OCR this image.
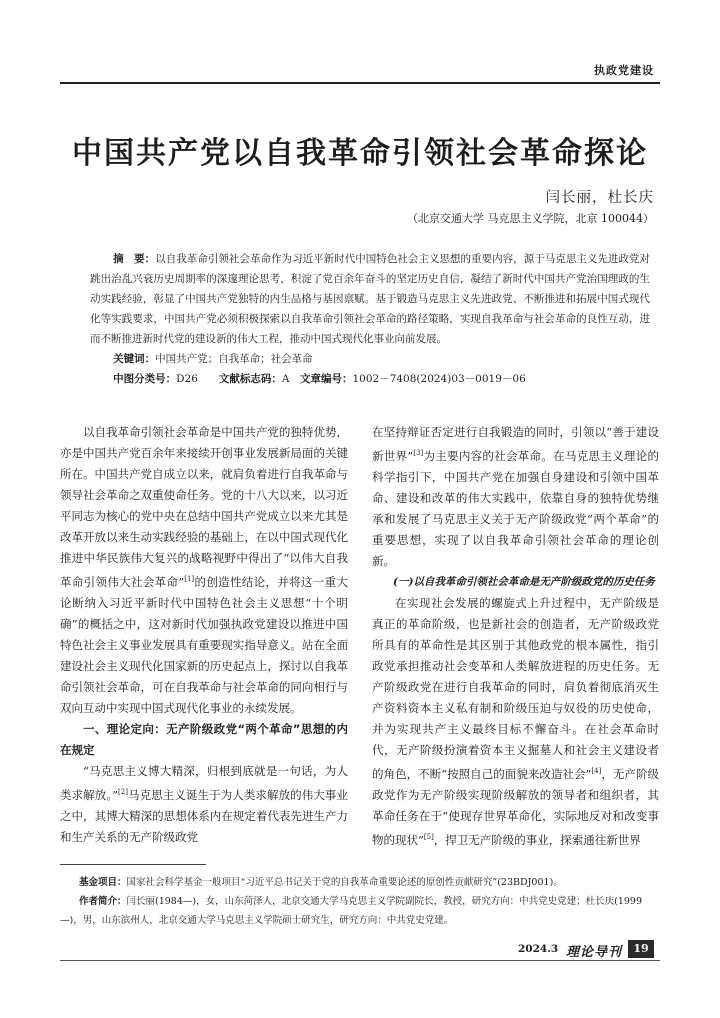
执政党建设
中国共产党以自我革命引领社会革命探论
闫长丽，杜长庆
（北京交通大学 马克思主义学院，北京 100044）

摘　要：以自我革命引领社会革命作为习近平新时代中国特色社会主义思想的重要内容，源于马克思主义先进政党对跳出治乱兴衰历史周期率的深邃理论思考，积淀了党百余年奋斗的坚定历史自信，凝结了新时代中国共产党治国理政的生动实践经验，彰显了中国共产党独特的内生品格与基因禀赋。基于锻造马克思主义先进政党、不断推进和拓展中国式现代化等实践要求，中国共产党必须积极探索以自我革命引领社会革命的路径策略，实现自我革命与社会革命的良性互动，进而不断推进新时代党的建设新的伟大工程，推动中国式现代化事业向前发展。

关键词：中国共产党；自我革命；社会革命
中图分类号：D26　　 文献标志码：A　 文章编号：1002－7408(2024)03－0019－06

以自我革命引领社会革命是中国共产党的独特优势，亦是中国共产党百余年来接续开创事业发展新局面的关键所在。中国共产党自成立以来，就肩负着进行自我革命与领导社会革命之双重使命任务。党的十八大以来，以习近平同志为核心的党中央在总结中国共产党成立以来尤其是改革开放以来生动实践经验的基础上，在以中国式现代化推进中华民族伟大复兴的战略视野中得出了“以伟大自我革命引领伟大社会革命”[1]的创造性结论，并将这一重大论断纳入习近平新时代中国特色社会主义思想“十个明确”的概括之中，这对新时代加强执政党建设以推进中国特色社会主义事业发展具有重要现实指导意义。站在全面建设社会主义现代化国家新的历史起点上，探讨以自我革命引领社会革命，可在自我革命与社会革命的同向相行与双向互动中实现中国式现代化事业的永续发展。

一、理论定向：无产阶级政党“两个革命”思想的内在规定

“马克思主义博大精深，归根到底就是一句话，为人类求解放。”[2]马克思主义诞生于为人类求解放的伟大事业之中，其博大精深的思想体系内在规定着代表先进生产力和生产关系的无产阶级政党

在坚持辩证否定进行自我锻造的同时，引领以“善于建设新世界”[3]为主要内容的社会革命。在马克思主义理论的科学指引下，中国共产党在加强自身建设和引领中国革命、建设和改革的伟大实践中，依靠自身的独特优势继承和发展了马克思主义关于无产阶级政党“两个革命”的重要思想，实现了以自我革命引领社会革命的理论创新。

(一)以自我革命引领社会革命是无产阶级政党的历史任务

在实现社会发展的螺旋式上升过程中，无产阶级是真正的革命阶级，也是新社会的创造者，无产阶级政党所具有的革命性是其区别于其他政党的根本属性，指引政党承担推动社会变革和人类解放进程的历史任务。无产阶级政党在进行自我革命的同时，肩负着彻底消灭生产资料资本主义私有制和阶级压迫与奴役的历史使命，并为实现共产主义最终目标不懈奋斗。在社会革命时代，无产阶级扮演着资本主义掘墓人和社会主义建设者的角色，不断“按照自己的面貌来改造社会”[4]，无产阶级政党作为无产阶级实现阶级解放的领导者和组织者，其革命任务在于“使现存世界革命化，实际地反对和改变事物的现状”[5]，捍卫无产阶级的事业，探索通往新世界

基金项目：国家社会科学基金一般项目“习近平总书记关于党的自我革命重要论述的原创性贡献研究”(23BDJ001)。

作者简介：闫长丽(1984—)，女，山东菏泽人，北京交通大学马克思主义学院副院长，教授，研究方向：中共党史党建；杜长庆(1999—)，男，山东滨州人，北京交通大学马克思主义学院硕士研究生，研究方向：中共党史党建。

2024.3 理论导刊	19
